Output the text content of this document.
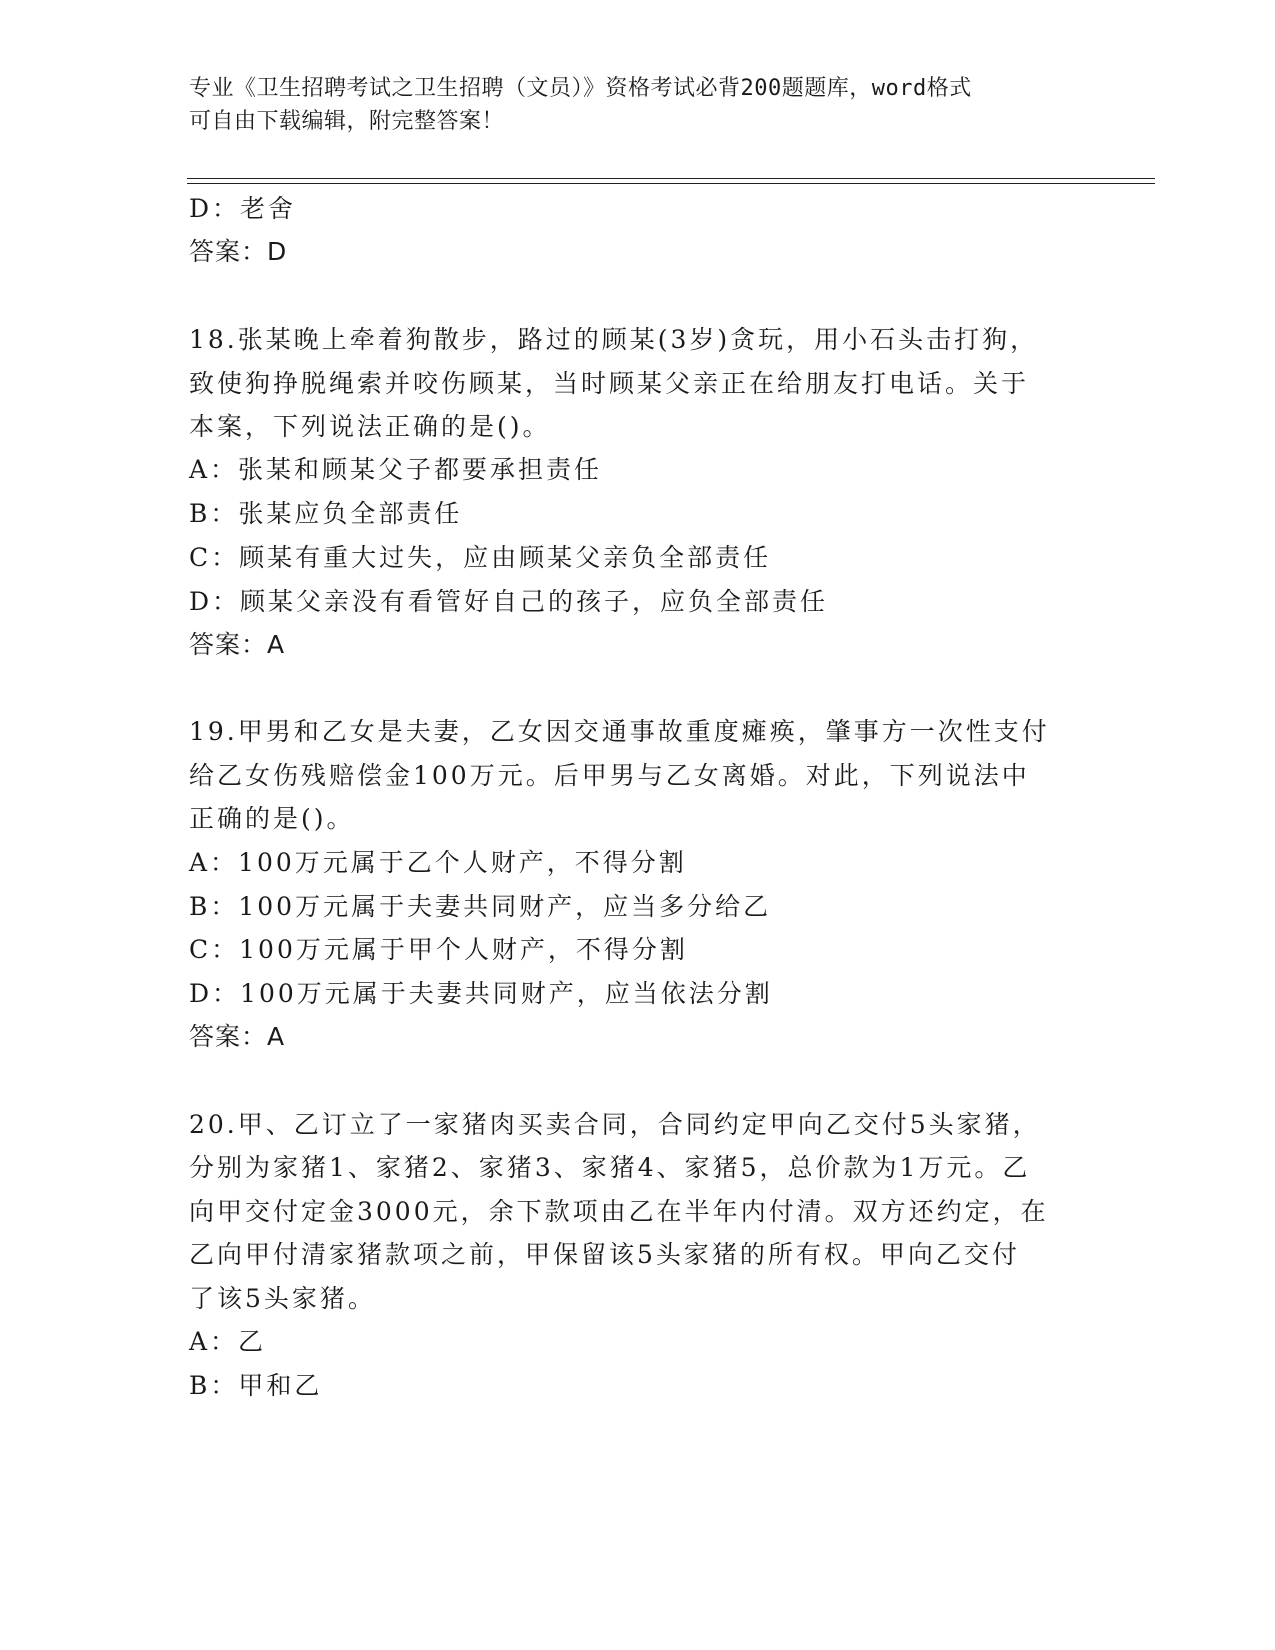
专业《卫生招聘考试之卫生招聘（文员）》资格考试必背200题题库，word格式
可自由下载编辑，附完整答案！
D：老舍
答案：D
18.张某晚上牵着狗散步，路过的顾某(3岁)贪玩，用小石头击打狗，
致使狗挣脱绳索并咬伤顾某，当时顾某父亲正在给朋友打电话。关于
本案，下列说法正确的是()。
A：张某和顾某父子都要承担责任
B：张某应负全部责任
C：顾某有重大过失，应由顾某父亲负全部责任
D：顾某父亲没有看管好自己的孩子，应负全部责任
答案：A
19.甲男和乙女是夫妻，乙女因交通事故重度瘫痪，肇事方一次性支付
给乙女伤残赔偿金100万元。后甲男与乙女离婚。对此，下列说法中
正确的是()。
A：100万元属于乙个人财产，不得分割
B：100万元属于夫妻共同财产，应当多分给乙
C：100万元属于甲个人财产，不得分割
D：100万元属于夫妻共同财产，应当依法分割
答案：A
20.甲、乙订立了一家猪肉买卖合同，合同约定甲向乙交付5头家猪，
分别为家猪1、家猪2、家猪3、家猪4、家猪5，总价款为1万元。乙
向甲交付定金3000元，余下款项由乙在半年内付清。双方还约定，在
乙向甲付清家猪款项之前，甲保留该5头家猪的所有权。甲向乙交付
了该5头家猪。
A：乙
B：甲和乙
